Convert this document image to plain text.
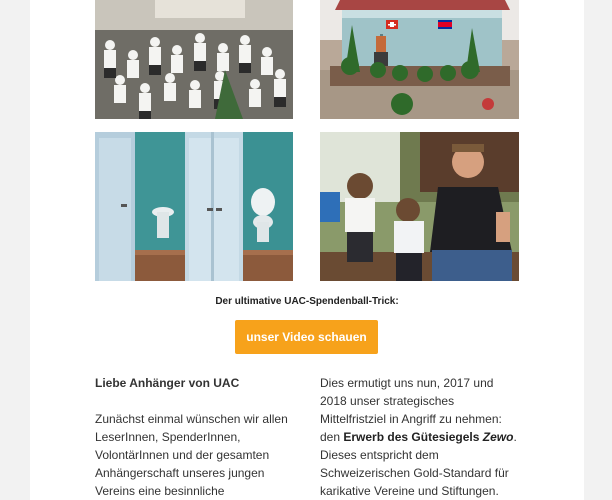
Der ultimative UAC-Spendenball-Trick:
unser Video schauen

Liebe Anhänger von UAC

Zunächst einmal wünschen wir allen LeserInnen, SpenderInnen, VolontärInnen und der gesamten Anhängerschaft unseres jungen Vereins eine besinnliche

Dies ermutigt uns nun, 2017 und 2018 unser strategisches Mittelfristziel in Angriff zu nehmen: den Erwerb des Gütesiegels Zewo. Dieses entspricht dem Schweizerischen Gold-Standard für karikative Vereine und Stiftungen.
